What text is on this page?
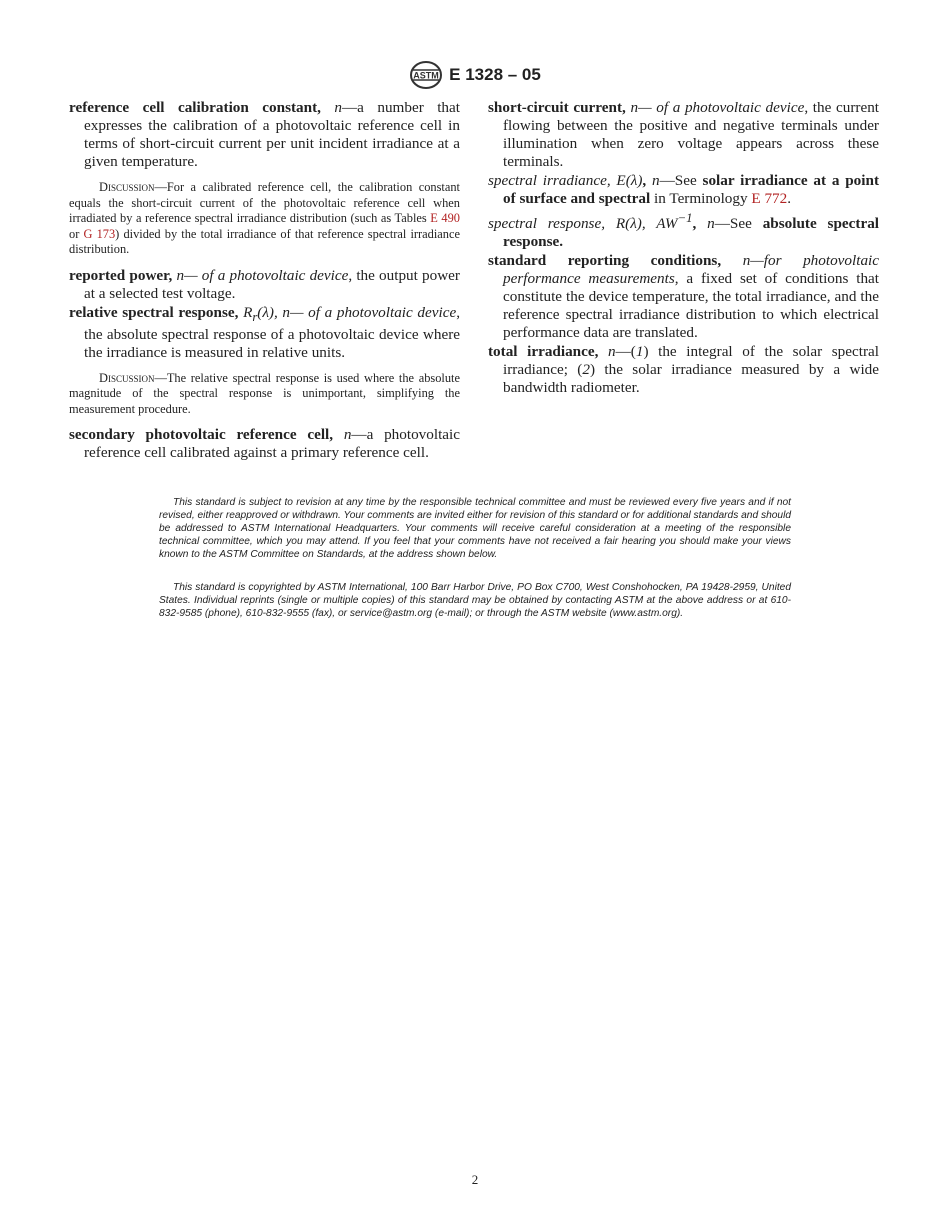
ASTM E 1328 – 05

reference cell calibration constant, n—a number that expresses the calibration of a photovoltaic reference cell in terms of short-circuit current per unit incident irradiance at a given temperature.

Discussion—For a calibrated reference cell, the calibration constant equals the short-circuit current of the photovoltaic reference cell when irradiated by a reference spectral irradiance distribution (such as Tables E 490 or G 173) divided by the total irradiance of that reference spectral irradiance distribution.

reported power, n— of a photovoltaic device, the output power at a selected test voltage.

relative spectral response, $R_r(\lambda)$, n— of a photovoltaic device, the absolute spectral response of a photovoltaic device where the irradiance is measured in relative units.

Discussion—The relative spectral response is used where the absolute magnitude of the spectral response is unimportant, simplifying the measurement procedure.

secondary photovoltaic reference cell, n—a photovoltaic reference cell calibrated against a primary reference cell.

short-circuit current, n— of a photovoltaic device, the current flowing between the positive and negative terminals under illumination when zero voltage appears across these terminals.

spectral irradiance, E(λ), n—See solar irradiance at a point of surface and spectral in Terminology E 772.

spectral response, R(λ), $AW^{-1}$, n—See absolute spectral response.

standard reporting conditions, n—for photovoltaic performance measurements, a fixed set of conditions that constitute the device temperature, the total irradiance, and the reference spectral irradiance distribution to which electrical performance data are translated.

total irradiance, n—(1) the integral of the solar spectral irradiance; (2) the solar irradiance measured by a wide bandwidth radiometer.

This standard is subject to revision at any time by the responsible technical committee and must be reviewed every five years and if not revised, either reapproved or withdrawn. Your comments are invited either for revision of this standard or for additional standards and should be addressed to ASTM International Headquarters. Your comments will receive careful consideration at a meeting of the responsible technical committee, which you may attend. If you feel that your comments have not received a fair hearing you should make your views known to the ASTM Committee on Standards, at the address shown below.

This standard is copyrighted by ASTM International, 100 Barr Harbor Drive, PO Box C700, West Conshohocken, PA 19428-2959, United States. Individual reprints (single or multiple copies) of this standard may be obtained by contacting ASTM at the above address or at 610-832-9585 (phone), 610-832-9555 (fax), or service@astm.org (e-mail); or through the ASTM website (www.astm.org).

2
